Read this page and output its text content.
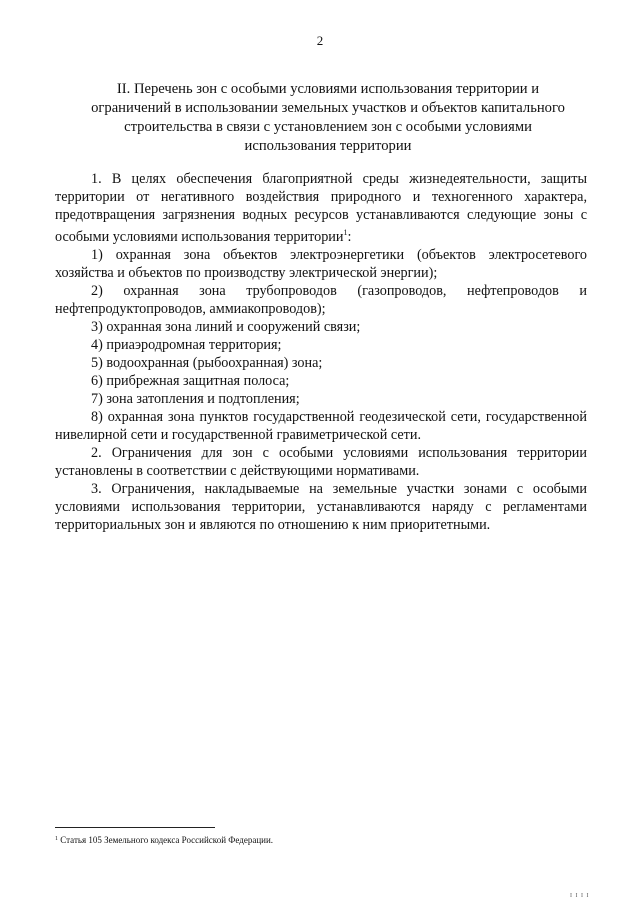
2
II. Перечень зон с особыми условиями использования территории и
ограничений в использовании земельных участков и объектов капитального
строительства в связи с установлением зон с особыми условиями
использования территории

1. В целях обеспечения благоприятной среды жизнедеятельности, защиты территории от негативного воздействия природного и техногенного характера, предотвращения загрязнения водных ресурсов устанавливаются следующие зоны с особыми условиями использования территории$^1$:

1) охранная зона объектов электроэнергетики (объектов электросетевого хозяйства и объектов по производству электрической энергии);

2) охранная зона трубопроводов (газопроводов, нефтепроводов и нефтепродуктопроводов, аммиакопроводов);

3) охранная зона линий и сооружений связи;

4) приаэродромная территория;

5) водоохранная (рыбоохранная) зона;

6) прибрежная защитная полоса;

7) зона затопления и подтопления;

8) охранная зона пунктов государственной геодезической сети, государственной нивелирной сети и государственной гравиметрической сети.

2. Ограничения для зон с особыми условиями использования территории установлены в соответствии с действующими нормативами.

3. Ограничения, накладываемые на земельные участки зонами с особыми условиями использования территории, устанавливаются наряду с регламентами территориальных зон и являются по отношению к ним приоритетными.

$^1$ Статья 105 Земельного кодекса Российской Федерации.
I I I I
